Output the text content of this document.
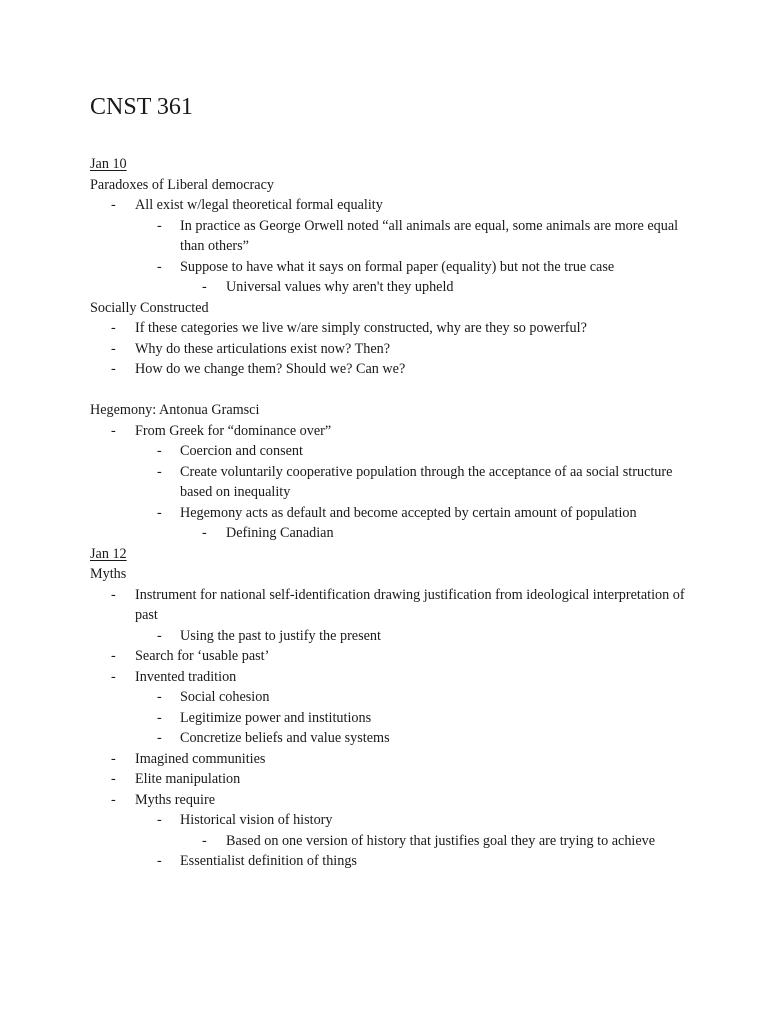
CNST 361
Jan 10
Paradoxes of Liberal democracy
- All exist w/legal theoretical formal equality
- In practice as George Orwell noted “all animals are equal, some animals are more equal than others”
- Suppose to have what it says on formal paper (equality) but not the true case
- Universal values why aren't they upheld
Socially Constructed
- If these categories we live w/are simply constructed, why are they so powerful?
- Why do these articulations exist now? Then?
- How do we change them? Should we? Can we?
Hegemony: Antonua Gramsci
- From Greek for “dominance over”
- Coercion and consent
- Create voluntarily cooperative population through the acceptance of aa social structure based on inequality
- Hegemony acts as default and become accepted by certain amount of population
- Defining Canadian
Jan 12
Myths
- Instrument for national self-identification drawing justification from ideological interpretation of past
- Using the past to justify the present
- Search for ‘usable past’
- Invented tradition
- Social cohesion
- Legitimize power and institutions
- Concretize beliefs and value systems
- Imagined communities
- Elite manipulation
- Myths require
- Historical vision of history
- Based on one version of history that justifies goal they are trying to achieve
- Essentialist definition of things
